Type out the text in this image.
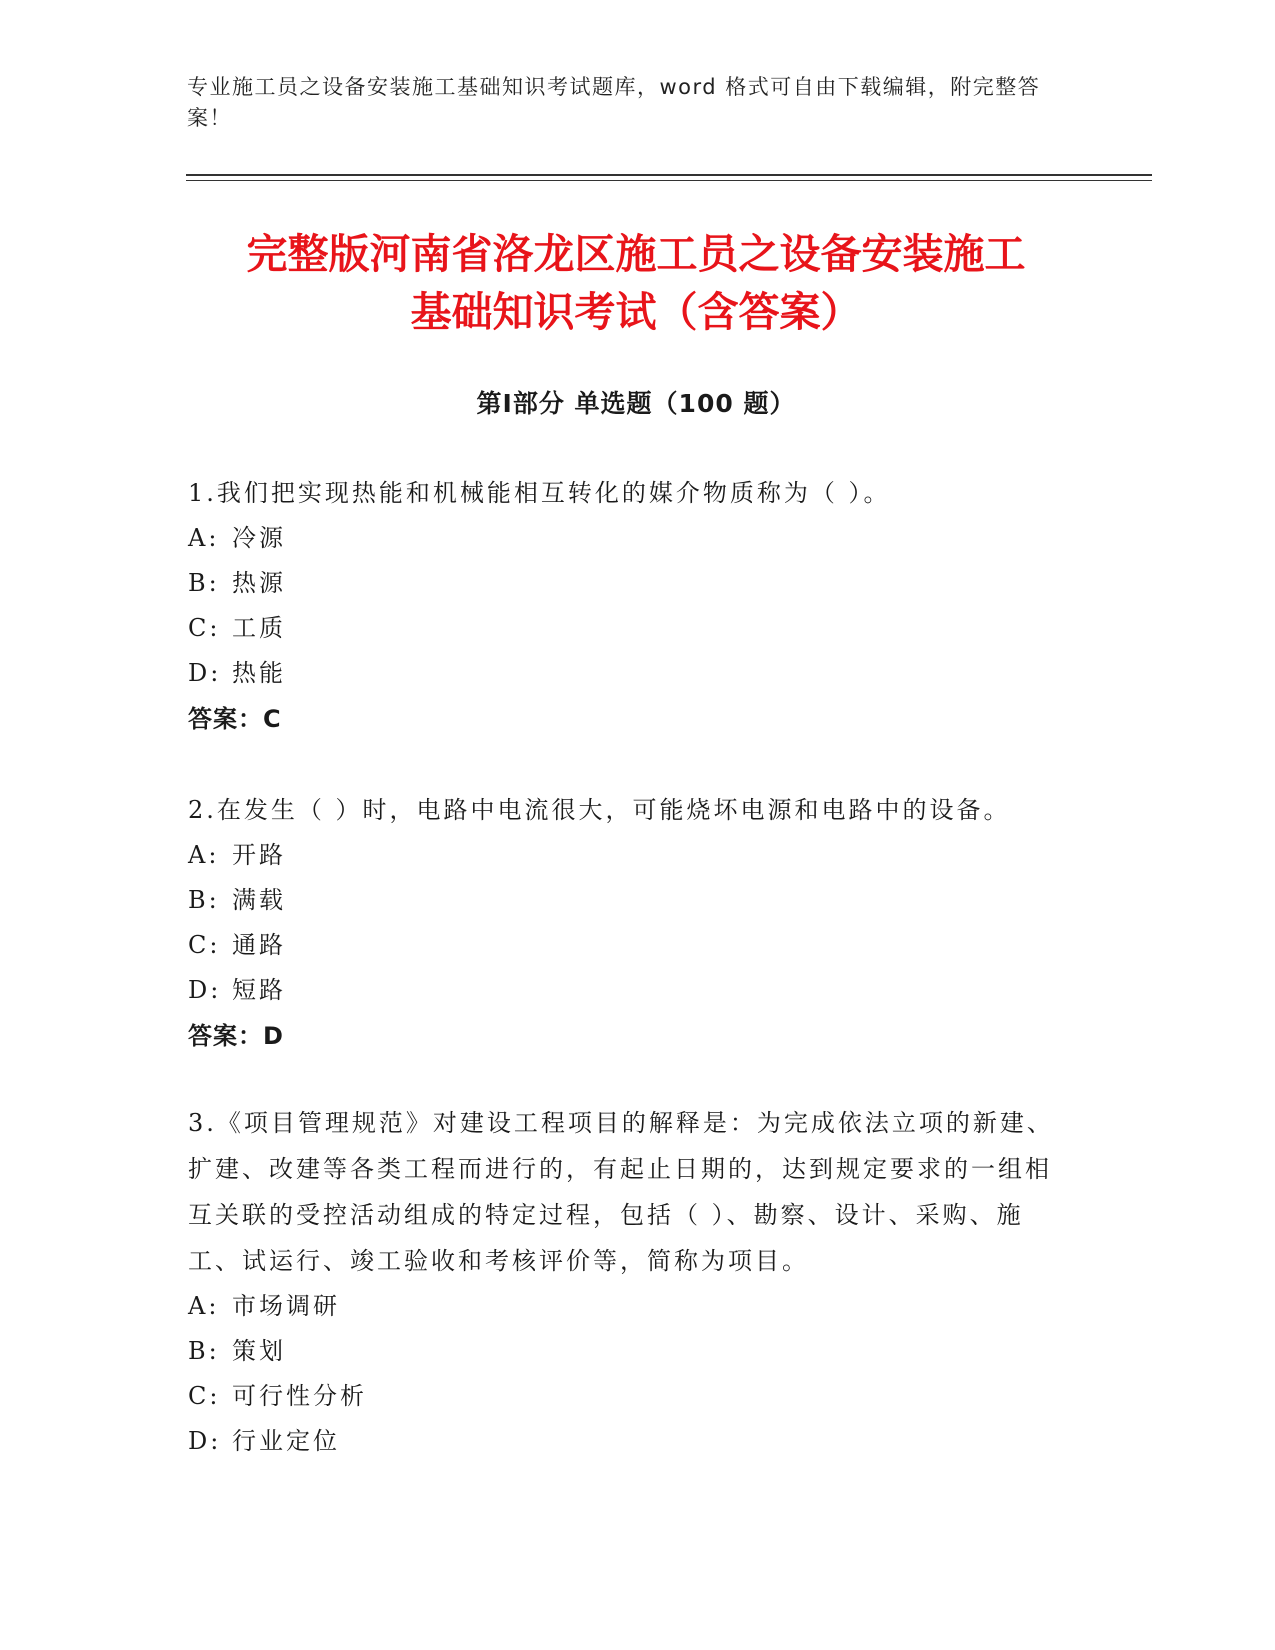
专业施工员之设备安装施工基础知识考试题库，word 格式可自由下载编辑，附完整答案！
完整版河南省洛龙区施工员之设备安装施工
基础知识考试（含答案）
第Ⅰ部分 单选题（100 题）
1.我们把实现热能和机械能相互转化的媒介物质称为（ ）。
A: 冷源
B: 热源
C: 工质
D: 热能
答案：C
2.在发生（ ）时，电路中电流很大，可能烧坏电源和电路中的设备。
A: 开路
B: 满载
C: 通路
D: 短路
答案：D
3.《项目管理规范》对建设工程项目的解释是：为完成依法立项的新建、扩建、改建等各类工程而进行的，有起止日期的，达到规定要求的一组相互关联的受控活动组成的特定过程，包括（ ）、勘察、设计、采购、施工、试运行、竣工验收和考核评价等，简称为项目。
A: 市场调研
B: 策划
C: 可行性分析
D: 行业定位
